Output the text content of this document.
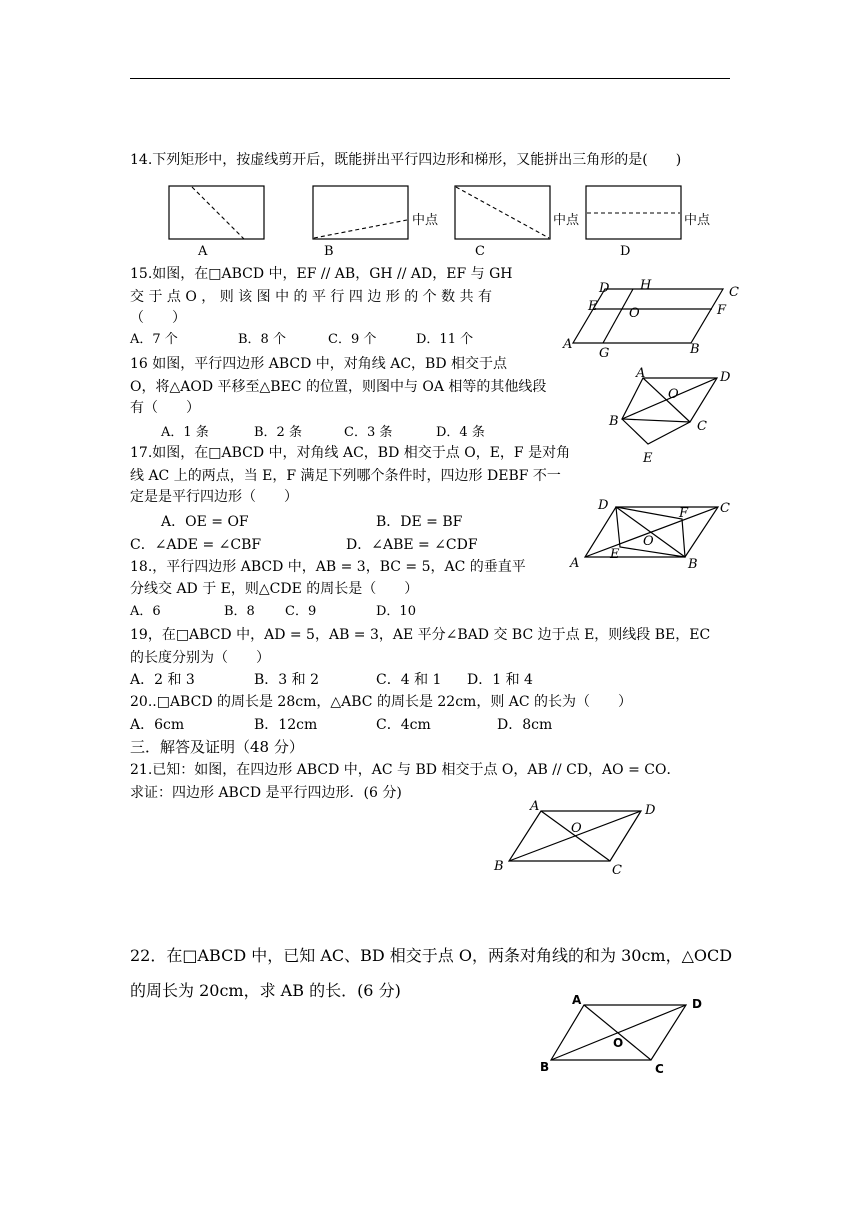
14.下列矩形中，按虚线剪开后，既能拼出平行四边形和梯形，又能拼出三角形的是(　　)
中点	中点	中点
A	B	C	D
15.如图，在□ABCD 中，EF // AB，GH // AD，EF 与 GH
交 于 点 O ， 则 该 图 中 的 平 行 四 边 形 的 个 数 共 有
（　　）
A．7 个	B．8 个	C．9 个	D．11 个
D H	C
E	F
O
A
G	B
16 如图，平行四边形 ABCD 中，对角线 AC，BD 相交于点
O，将△AOD 平移至△BEC 的位置，则图中与 OA 相等的其他线段
有（　　）
A．1 条	B．2 条	C．3 条	D．4 条
A	D
O
B	C
E
17.如图，在□ABCD 中，对角线 AC，BD 相交于点 O，E，F 是对角
线 AC 上的两点，当 E，F 满足下列哪个条件时，四边形 DEBF 不一
定是是平行四边形（　　）
A．OE = OF	B．DE = BF
C．∠ADE = ∠CBF	D．∠ABE = ∠CDF
D	C
F
O
E
A	B
18.，平行四边形 ABCD 中，AB = 3，BC = 5，AC 的垂直平
分线交 AD 于 E，则△CDE 的周长是（　　）
A．6	B．8 C．9	D．10
19，在□ABCD 中，AD = 5，AB = 3，AE 平分∠BAD 交 BC 边于点 E，则线段 BE，EC
的长度分别为（　　）
A．2 和 3	B．3 和 2	C．4 和 1 D．1 和 4
20..□ABCD 的周长是 28cm，△ABC 的周长是 22cm，则 AC 的长为（　　）
A．6cm	B．12cm	C．4cm	D．8cm
三．解答及证明（48 分）
21.已知：如图，在四边形 ABCD 中，AC 与 BD 相交于点 O，AB // CD，AO = CO．
求证：四边形 ABCD 是平行四边形．(6 分)
A	D
O
B	C
22．在□ABCD 中，已知 AC、BD 相交于点 O，两条对角线的和为 30cm，△OCD
的周长为 20cm，求 AB 的长．(6 分)	A	D
O
B	C
